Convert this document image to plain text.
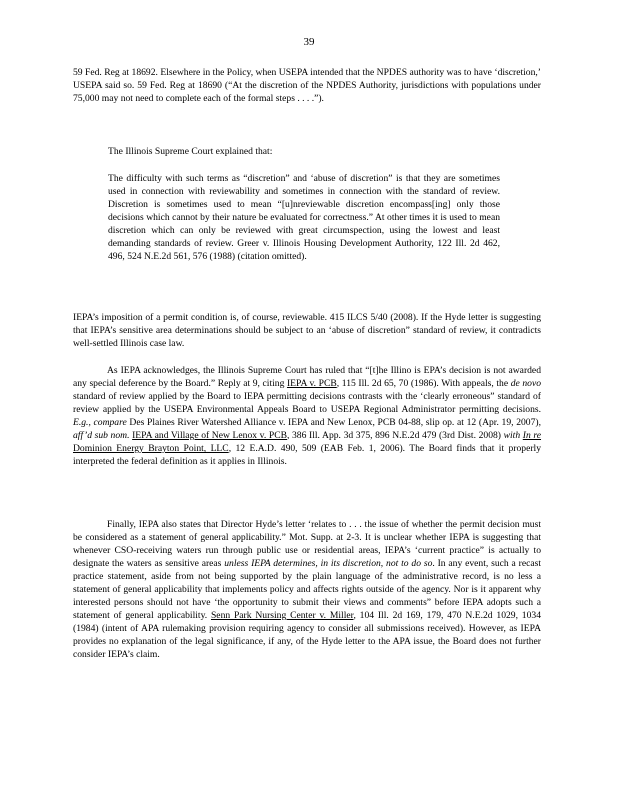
39

59 Fed. Reg at 18692. Elsewhere in the Policy, when USEPA intended that the NPDES authority was to have ‘discretion,’ USEPA said so. 59 Fed. Reg at 18690 (“At the discretion of the NPDES Authority, jurisdictions with populations under 75,000 may not need to complete each of the formal steps . . . .”).

The Illinois Supreme Court explained that:

The difficulty with such terms as “discretion” and ‘abuse of discretion” is that they are sometimes used in connection with reviewability and sometimes in connection with the standard of review. Discretion is sometimes used to mean “[u]nreviewable discretion encompass[ing] only those decisions which cannot by their nature be evaluated for correctness.” At other times it is used to mean discretion which can only be reviewed with great circumspection, using the lowest and least demanding standards of review. Greer v. Illinois Housing Development Authority, 122 Ill. 2d 462, 496, 524 N.E.2d 561, 576 (1988) (citation omitted).

IEPA’s imposition of a permit condition is, of course, reviewable. 415 ILCS 5/40 (2008). If the Hyde letter is suggesting that IEPA’s sensitive area determinations should be subject to an ‘abuse of discretion” standard of review, it contradicts well-settled Illinois case law.

As IEPA acknowledges, the Illinois Supreme Court has ruled that “[t]he Illino is EPA’s decision is not awarded any special deference by the Board.” Reply at 9, citing IEPA v. PCB, 115 Ill. 2d 65, 70 (1986). With appeals, the de novo standard of review applied by the Board to IEPA permitting decisions contrasts with the ‘clearly erroneous” standard of review applied by the USEPA Environmental Appeals Board to USEPA Regional Administrator permitting decisions. E.g., compare Des Plaines River Watershed Alliance v. IEPA and New Lenox, PCB 04-88, slip op. at 12 (Apr. 19, 2007), aff’d sub nom. IEPA and Village of New Lenox v. PCB, 386 Ill. App. 3d 375, 896 N.E.2d 479 (3rd Dist. 2008) with In re Dominion Energy Brayton Point, LLC, 12 E.A.D. 490, 509 (EAB Feb. 1, 2006). The Board finds that it properly interpreted the federal definition as it applies in Illinois.

Finally, IEPA also states that Director Hyde’s letter ‘relates to . . . the issue of whether the permit decision must be considered as a statement of general applicability.” Mot. Supp. at 2-3. It is unclear whether IEPA is suggesting that whenever CSO-receiving waters run through public use or residential areas, IEPA’s ‘current practice” is actually to designate the waters as sensitive areas unless IEPA determines, in its discretion, not to do so. In any event, such a recast practice statement, aside from not being supported by the plain language of the administrative record, is no less a statement of general applicability that implements policy and affects rights outside of the agency. Nor is it apparent why interested persons should not have ‘the opportunity to submit their views and comments” before IEPA adopts such a statement of general applicability. Senn Park Nursing Center v. Miller, 104 Ill. 2d 169, 179, 470 N.E.2d 1029, 1034 (1984) (intent of APA rulemaking provision requiring agency to consider all submissions received). However, as IEPA provides no explanation of the legal significance, if any, of the Hyde letter to the APA issue, the Board does not further consider IEPA’s claim.
